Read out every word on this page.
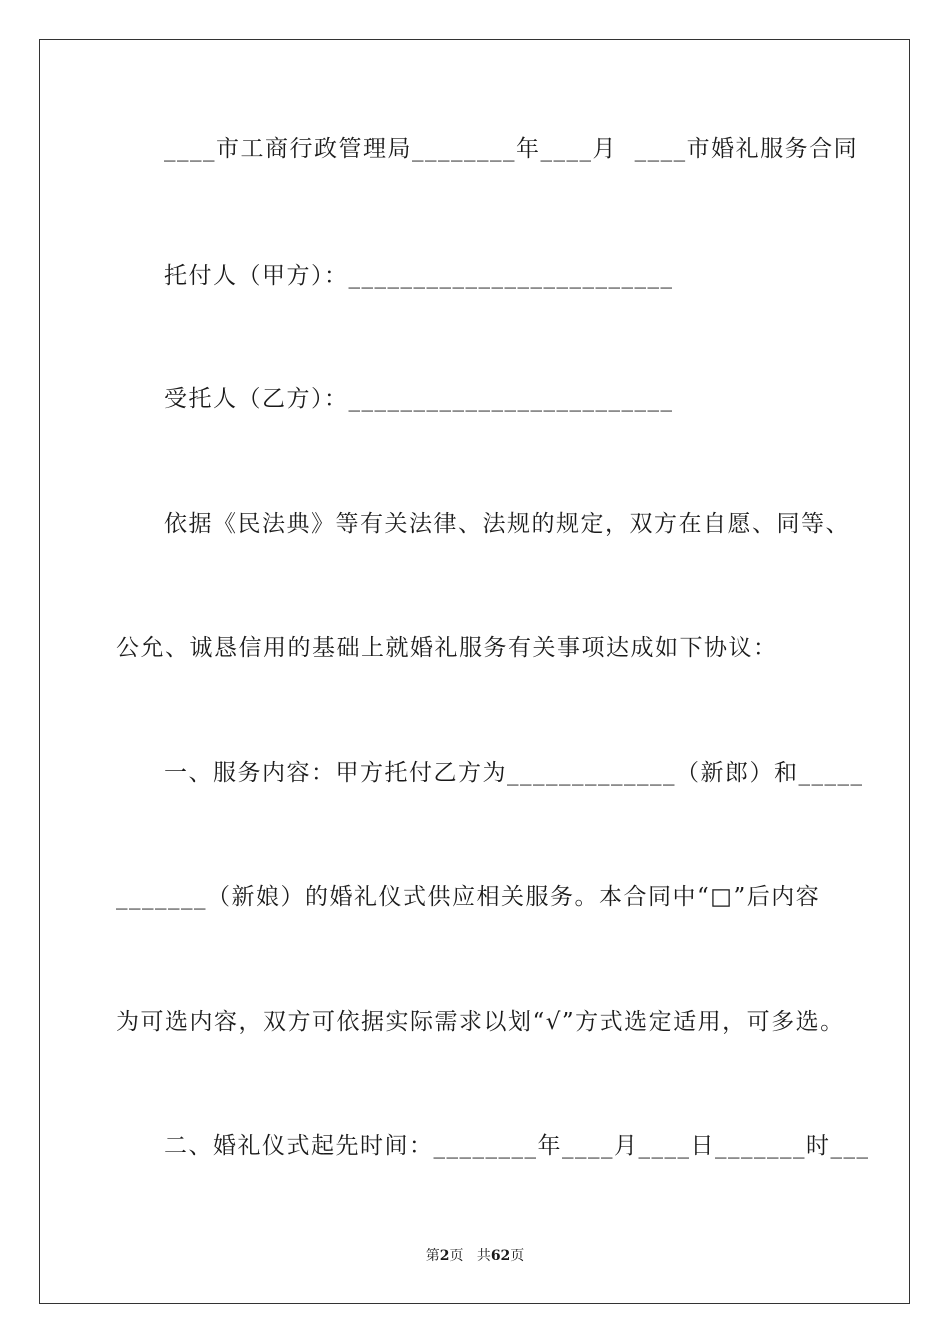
____市工商行政管理局________年____月  ____市婚礼服务合同
托付人（甲方）：_________________________
受托人（乙方）：_________________________
依据《民法典》等有关法律、法规的规定，双方在自愿、同等、
公允、诚恳信用的基础上就婚礼服务有关事项达成如下协议：
一、服务内容：甲方托付乙方为_____________（新郎）和_____
_______（新娘）的婚礼仪式供应相关服务。本合同中“□”后内容
为可选内容，双方可依据实际需求以划“√”方式选定适用，可多选。
二、婚礼仪式起先时间：________年____月____日_______时___
第2页 共62页
